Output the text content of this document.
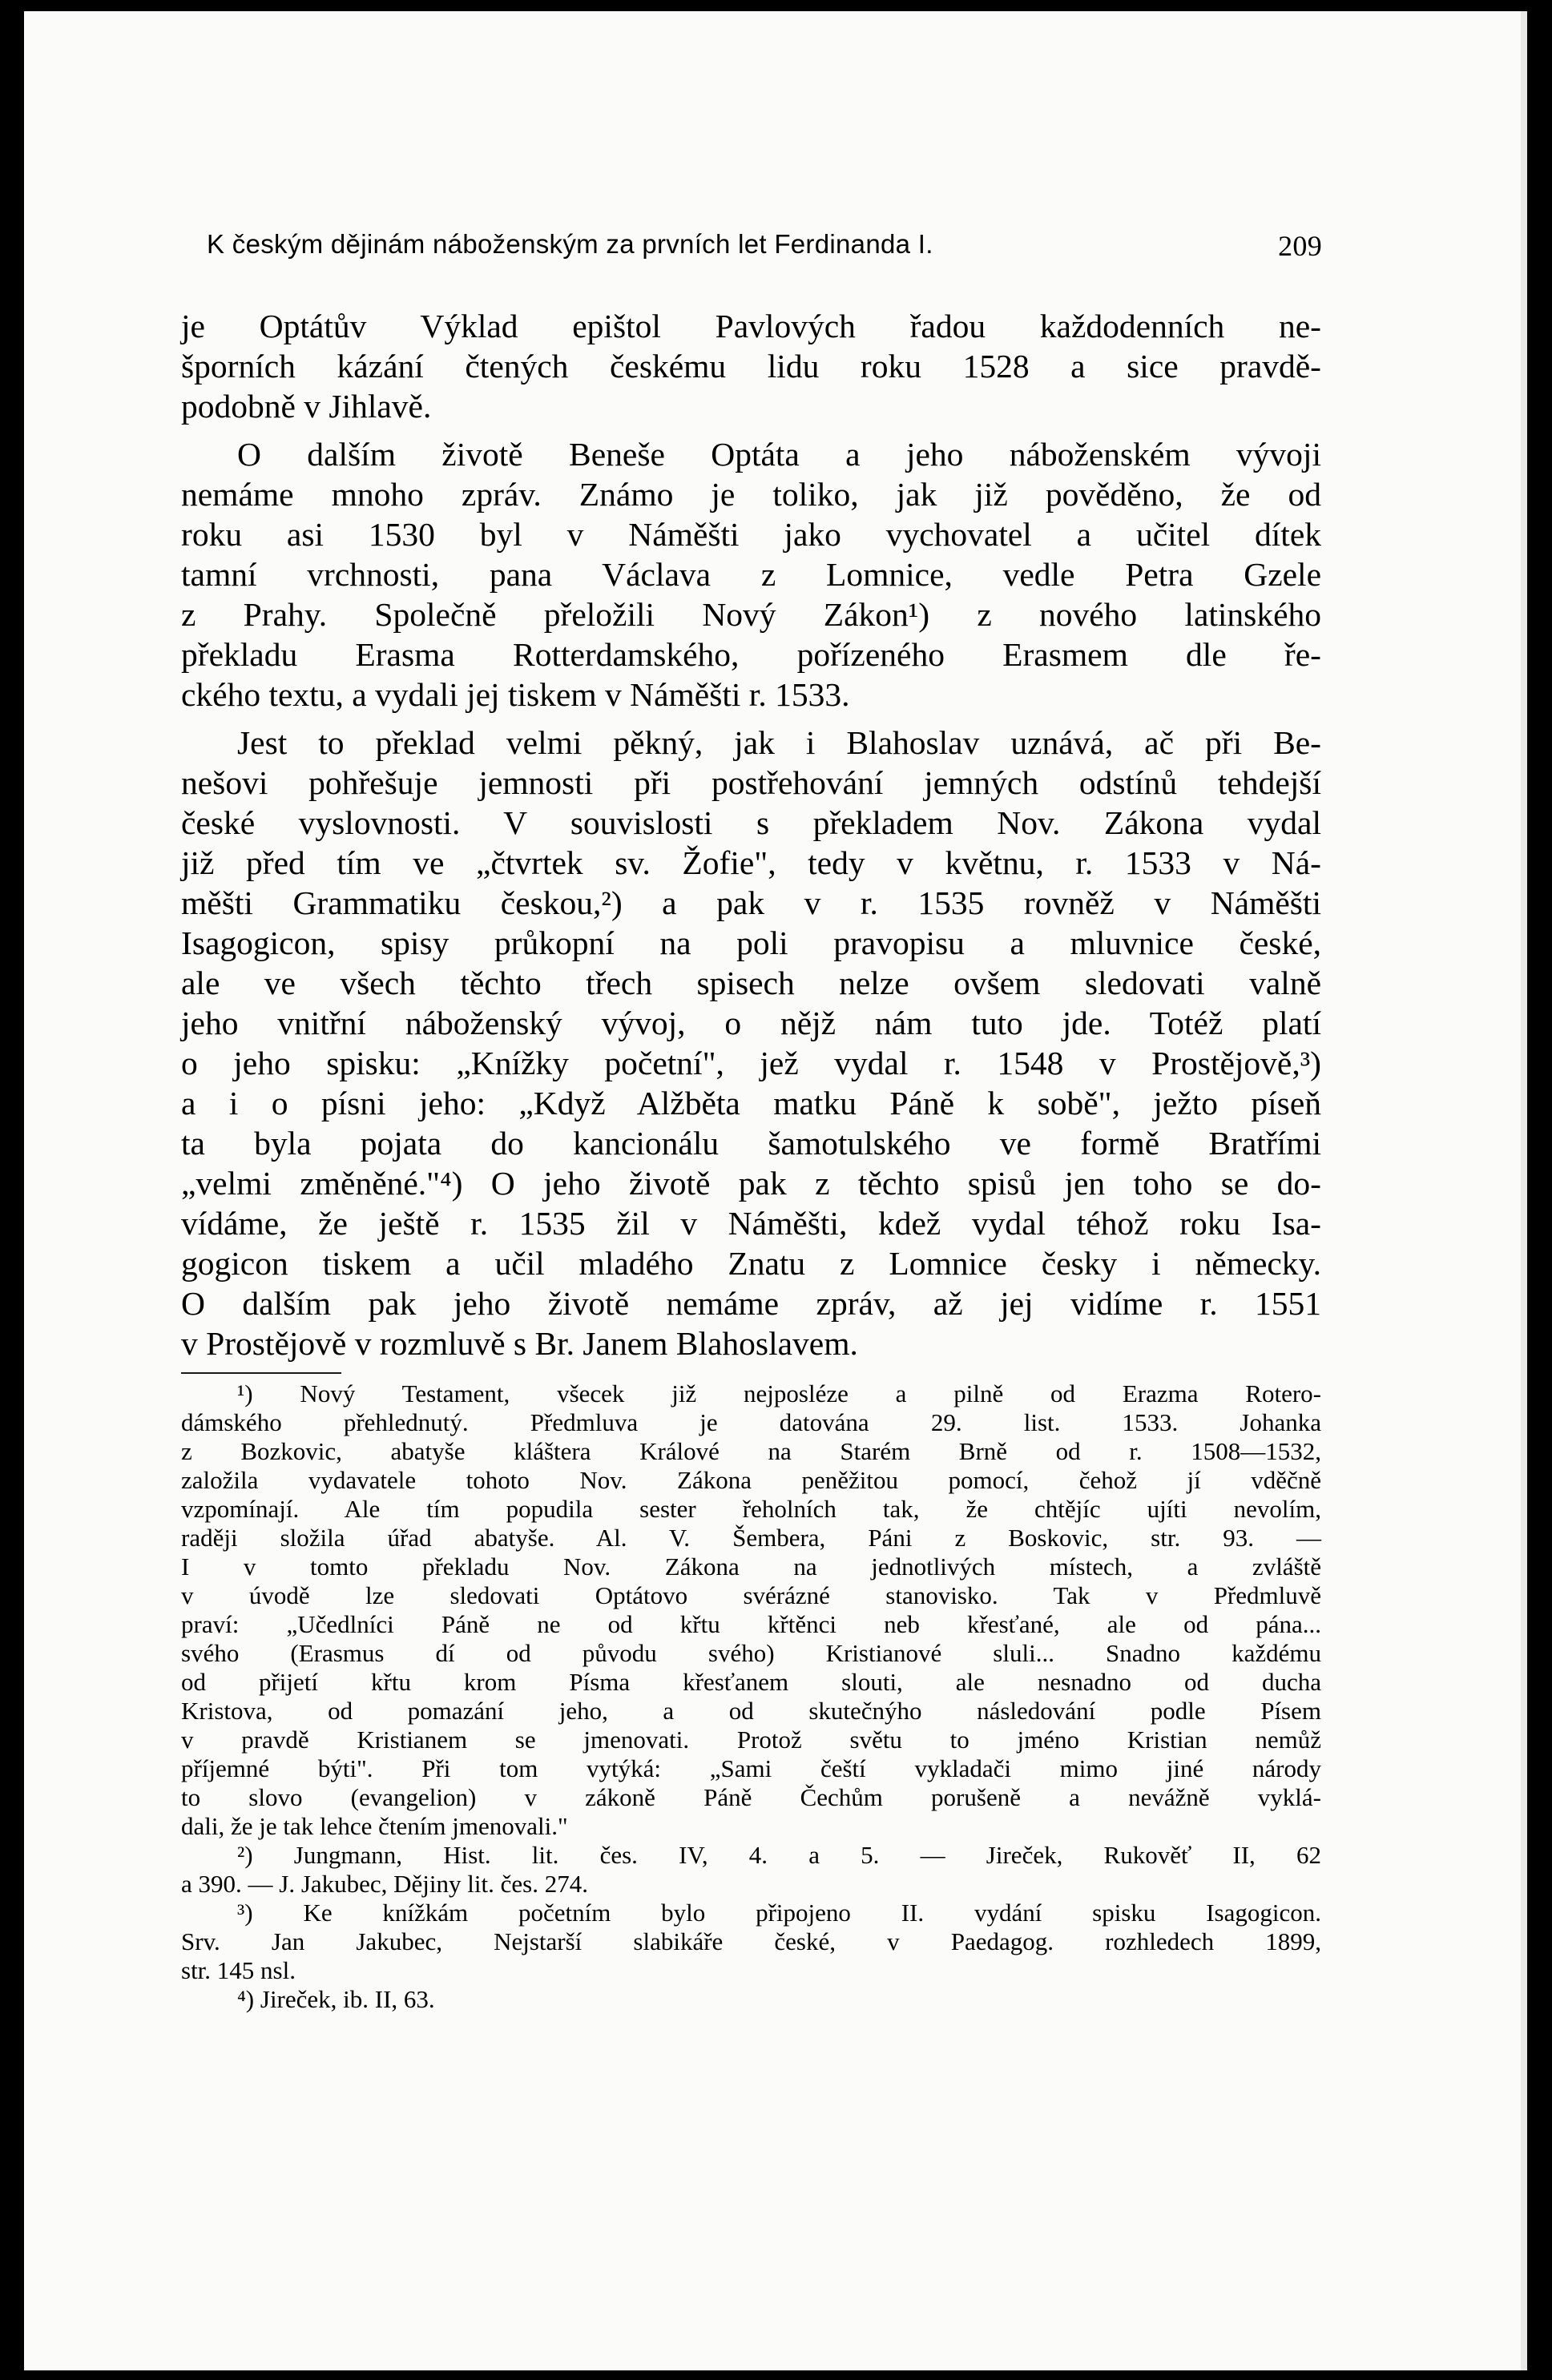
K českým dějinám náboženským za prvních let Ferdinanda I.	209
je Optátův Výklad epištol Pavlových řadou každodenních ne-
šporních kázání čtených českému lidu roku 1528 a sice pravdě-
podobně v Jihlavě.
O dalším životě Beneše Optáta a jeho náboženském vývoji
nemáme mnoho zpráv. Známo je toliko, jak již pověděno, že od
roku asi 1530 byl v Náměšti jako vychovatel a učitel dítek
tamní vrchnosti, pana Václava z Lomnice, vedle Petra Gzele
z Prahy. Společně přeložili Nový Zákon¹) z nového latinského
překladu Erasma Rotterdamského, pořízeného Erasmem dle ře-
ckého textu, a vydali jej tiskem v Náměšti r. 1533.
Jest to překlad velmi pěkný, jak i Blahoslav uznává, ač při Be-
nešovi pohřešuje jemnosti při postřehování jemných odstínů tehdejší
české vyslovnosti. V souvislosti s překladem Nov. Zákona vydal
již před tím ve „čtvrtek sv. Žofie", tedy v květnu, r. 1533 v Ná-
měšti Grammatiku českou,²) a pak v r. 1535 rovněž v Náměšti
Isagogicon, spisy průkopní na poli pravopisu a mluvnice české,
ale ve všech těchto třech spisech nelze ovšem sledovati valně
jeho vnitřní náboženský vývoj, o nějž nám tuto jde. Totéž platí
o jeho spisku: „Knížky početní", jež vydal r. 1548 v Prostějově,³)
a i o písni jeho: „Když Alžběta matku Páně k sobě", ježto píseň
ta byla pojata do kancionálu šamotulského ve formě Bratřími
„velmi změněné."⁴) O jeho životě pak z těchto spisů jen toho se do-
vídáme, že ještě r. 1535 žil v Náměšti, kdež vydal téhož roku Isa-
gogicon tiskem a učil mladého Znatu z Lomnice česky i německy.
O dalším pak jeho životě nemáme zpráv, až jej vidíme r. 1551
v Prostějově v rozmluvě s Br. Janem Blahoslavem.
¹) Nový Testament, všecek již nejposléze a pilně od Erazma Rotero-
dámského přehlednutý. Předmluva je datována 29. list. 1533. Johanka
z Bozkovic, abatyše kláštera Králové na Starém Brně od r. 1508—1532,
založila vydavatele tohoto Nov. Zákona peněžitou pomocí, čehož jí vděčně
vzpomínají. Ale tím popudila sester řeholních tak, že chtějíc ujíti nevolím,
raději složila úřad abatyše. Al. V. Šembera, Páni z Boskovic, str. 93. —
I v tomto překladu Nov. Zákona na jednotlivých místech, a zvláště
v úvodě lze sledovati Optátovo svérázné stanovisko. Tak v Předmluvě
praví: „Učedlníci Páně ne od křtu křtěnci neb křesťané, ale od pána...
svého (Erasmus dí od původu svého) Kristianové sluli... Snadno každému
od přijetí křtu krom Písma křesťanem slouti, ale nesnadno od ducha
Kristova, od pomazání jeho, a od skutečnýho následování podle Písem
v pravdě Kristianem se jmenovati. Protož světu to jméno Kristian nemůž
příjemné býti". Při tom vytýká: „Sami čeští vykladači mimo jiné národy
to slovo (evangelion) v zákoně Páně Čechům porušeně a nevážně vyklá-
dali, že je tak lehce čtením jmenovali."
²) Jungmann, Hist. lit. čes. IV, 4. a 5. — Jireček, Rukověť II, 62
a 390. — J. Jakubec, Dějiny lit. čes. 274.
³) Ke knížkám početním bylo připojeno II. vydání spisku Isagogicon.
Srv. Jan Jakubec, Nejstarší slabikáře české, v Paedagog. rozhledech 1899,
str. 145 nsl.
⁴) Jireček, ib. II, 63.
